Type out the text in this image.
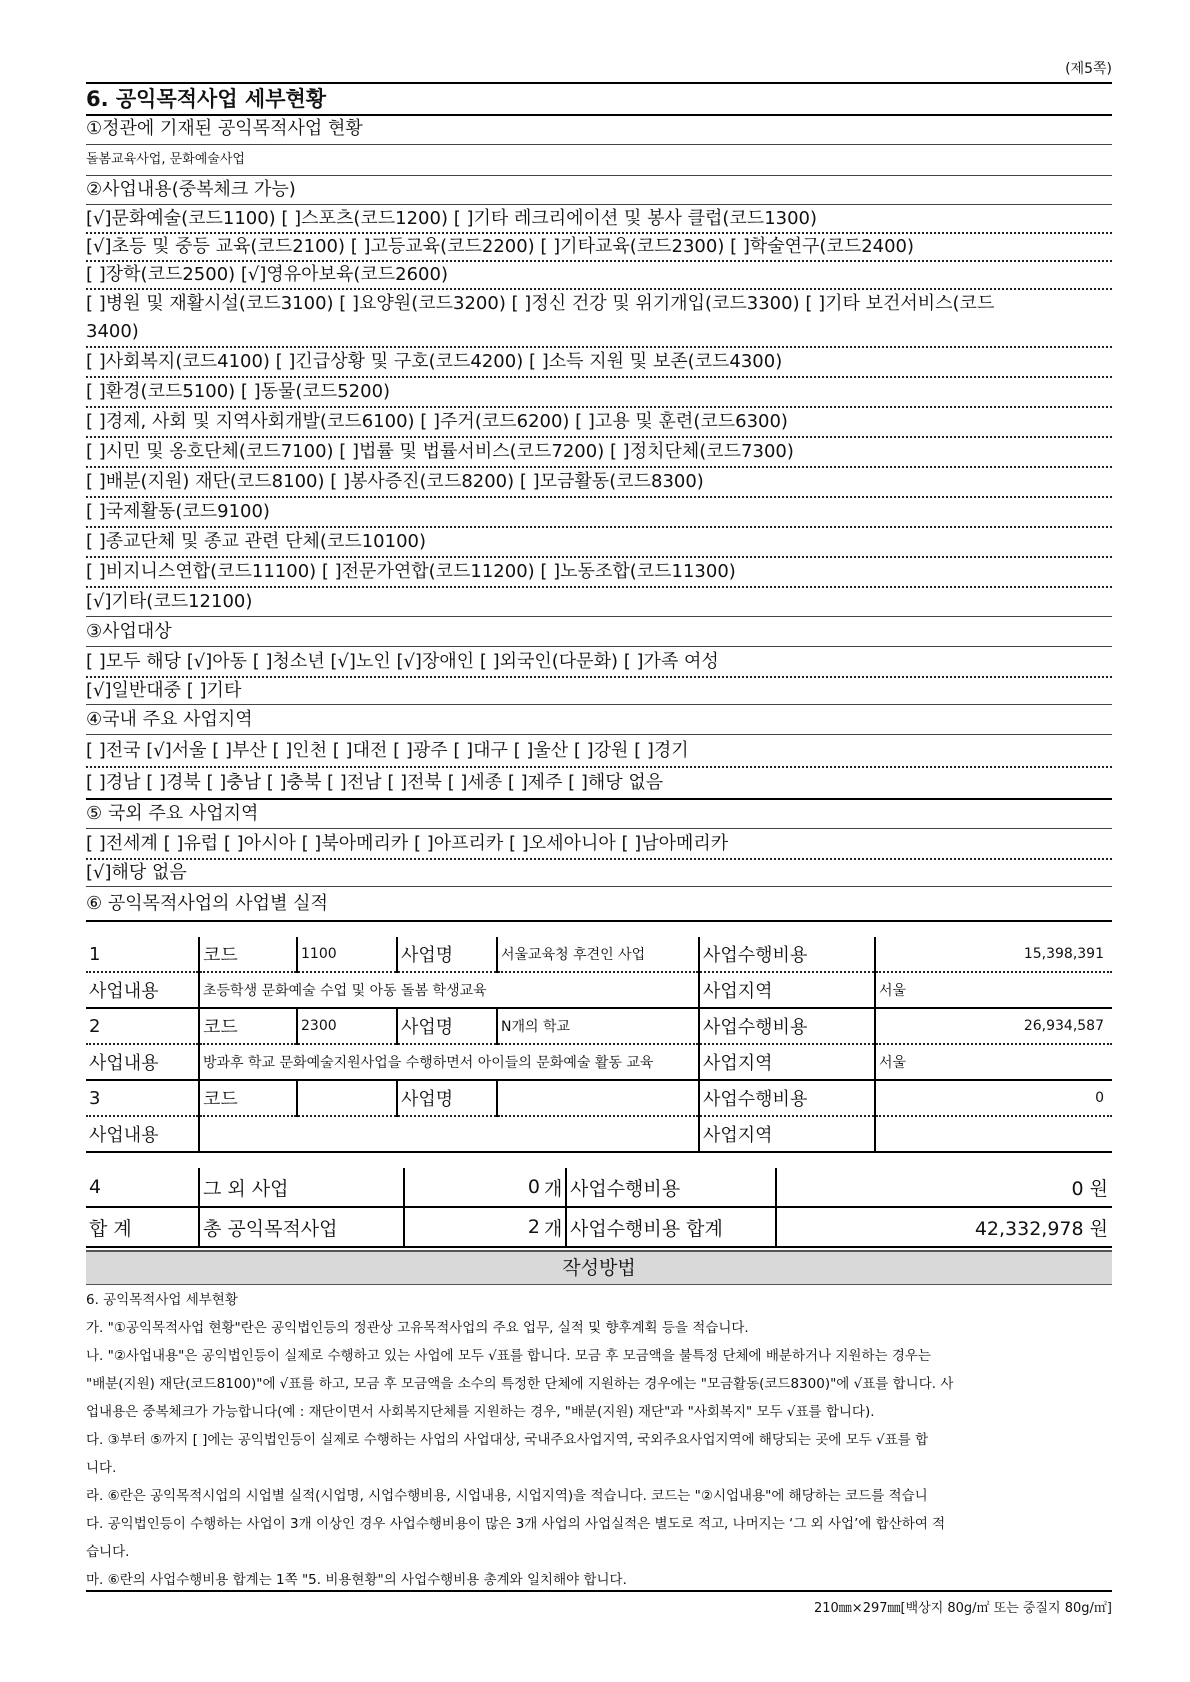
(제5쪽)
6. 공익목적사업 세부현황
①정관에 기재된 공익목적사업 현황
돌봄교육사업, 문화예술사업
②사업내용(중복체크 가능)
[√]문화예술(코드1100) [ ]스포츠(코드1200) [ ]기타 레크리에이션 및 봉사 클럽(코드1300)
[√]초등 및 중등 교육(코드2100) [ ]고등교육(코드2200) [ ]기타교육(코드2300) [ ]학술연구(코드2400)
[ ]장학(코드2500) [√]영유아보육(코드2600)
[ ]병원 및 재활시설(코드3100) [ ]요양원(코드3200) [ ]정신 건강 및 위기개입(코드3300) [ ]기타 보건서비스(코드
3400)
[ ]사회복지(코드4100) [ ]긴급상황 및 구호(코드4200) [ ]소득 지원 및 보존(코드4300)
[ ]환경(코드5100) [ ]동물(코드5200)
[ ]경제, 사회 및 지역사회개발(코드6100) [ ]주거(코드6200) [ ]고용 및 훈련(코드6300)
[ ]시민 및 옹호단체(코드7100) [ ]법률 및 법률서비스(코드7200) [ ]정치단체(코드7300)
[ ]배분(지원) 재단(코드8100) [ ]봉사증진(코드8200) [ ]모금활동(코드8300)
[ ]국제활동(코드9100)
[ ]종교단체 및 종교 관련 단체(코드10100)
[ ]비지니스연합(코드11100) [ ]전문가연합(코드11200) [ ]노동조합(코드11300)
[√]기타(코드12100)
③사업대상
[ ]모두 해당 [√]아동 [ ]청소년 [√]노인 [√]장애인 [ ]외국인(다문화) [ ]가족 여성
[√]일반대중 [ ]기타
④국내 주요 사업지역
[ ]전국 [√]서울 [ ]부산 [ ]인천 [ ]대전 [ ]광주 [ ]대구 [ ]울산 [ ]강원 [ ]경기
[ ]경남 [ ]경북 [ ]충남 [ ]충북 [ ]전남 [ ]전북 [ ]세종 [ ]제주 [ ]해당 없음
⑤ 국외 주요 사업지역
[ ]전세계 [ ]유럽 [ ]아시아 [ ]북아메리카 [ ]아프리카 [ ]오세아니아 [ ]남아메리카
[√]해당 없음
⑥ 공익목적사업의 사업별 실적
1	코드	1100	사업명	서울교육청 후견인 사업	사업수행비용	15,398,391
사업내용	초등학생 문화예술 수업 및 아동 돌봄 학생교육				사업지역	서울
2	코드	2300	사업명	N개의 학교	사업수행비용	26,934,587
사업내용	방과후 학교 문화예술지원사업을 수행하면서 아이들의 문화예술 활동 교육				사업지역	서울
3	코드		사업명		사업수행비용	0
사업내용					사업지역	
4	그 외 사업	0	개	사업수행비용	0 원
합 계	총 공익목적사업	2	개	사업수행비용 합계	42,332,978 원
작성방법

6. 공익목적사업 세부현황

가. "①공익목적사업 현황"란은 공익법인등의 정관상 고유목적사업의 주요 업무, 실적 및 향후계획 등을 적습니다.

나. "②사업내용"은 공익법인등이 실제로 수행하고 있는 사업에 모두 √표를 합니다. 모금 후 모금액을 불특정 단체에 배분하거나 지원하는 경우는

"배분(지원) 재단(코드8100)"에 √표를 하고, 모금 후 모금액을 소수의 특정한 단체에 지원하는 경우에는 "모금활동(코드8300)"에 √표를 합니다. 사

업내용은 중복체크가 가능합니다(예 : 재단이면서 사회복지단체를 지원하는 경우, "배분(지원) 재단"과 "사회복지" 모두 √표를 합니다).

다. ③부터 ⑤까지 [ ]에는 공익법인등이 실제로 수행하는 사업의 사업대상, 국내주요사업지역, 국외주요사업지역에 해당되는 곳에 모두 √표를 합

니다.

라. ⑥란은 공익목적시업의 시업별 실적(시업명, 시업수행비용, 시업내용, 시업지역)을 적습니다. 코드는 "②시업내용"에 해당하는 코드를 적습니

다. 공익법인등이 수행하는 사업이 3개 이상인 경우 사업수행비용이 많은 3개 사업의 사업실적은 별도로 적고, 나머지는 ‘그 외 사업’에 합산하여 적

습니다.

마. ⑥란의 사업수행비용 합계는 1쪽 "5. 비용현황"의 사업수행비용 총계와 일치해야 합니다.

210㎜×297㎜[백상지 80g/㎡ 또는 중질지 80g/㎡]
